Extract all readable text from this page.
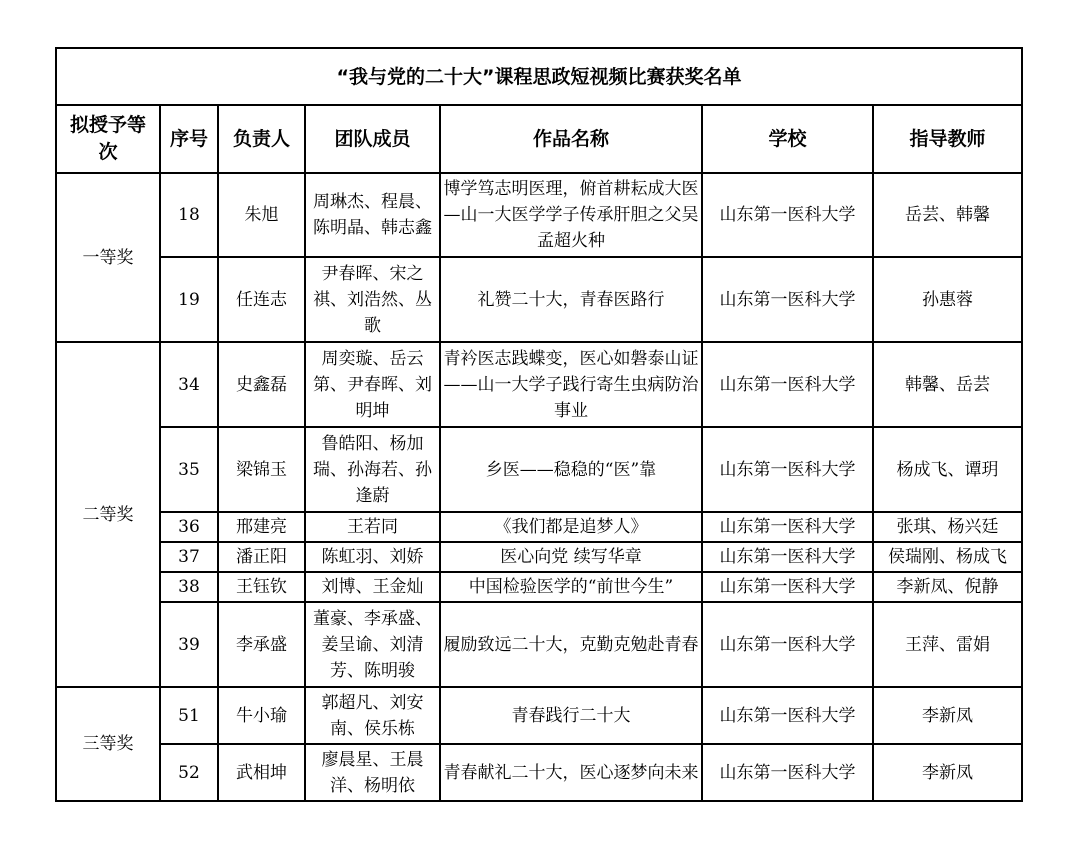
“我与党的二十大”课程思政短视频比赛获奖名单						
拟授予等次	序号	负责人	团队成员	作品名称	学校	指导教师
一等奖	18	朱旭	周琳杰、程晨、陈明晶、韩志鑫	博学笃志明医理，俯首耕耘成大医—山一大医学学子传承肝胆之父吴孟超火种	山东第一医科大学	岳芸、韩馨
	19	任连志	尹春晖、宋之祺、刘浩然、丛歌	礼赞二十大，青春医路行	山东第一医科大学	孙惠蓉
二等奖	34	史鑫磊	周奕璇、岳云第、尹春晖、刘明坤	青衿医志践蝶变，医心如磐泰山证——山一大学子践行寄生虫病防治事业	山东第一医科大学	韩馨、岳芸
	35	梁锦玉	鲁皓阳、杨加瑞、孙海若、孙逢蔚	乡医——稳稳的“医”靠	山东第一医科大学	杨成飞、谭玥
	36	邢建亮	王若同	《我们都是追梦人》	山东第一医科大学	张琪、杨兴廷
	37	潘正阳	陈虹羽、刘娇	医心向党 续写华章	山东第一医科大学	侯瑞刚、杨成飞
	38	王钰钦	刘博、王金灿	中国检验医学的“前世今生”	山东第一医科大学	李新凤、倪静
	39	李承盛	董豪、李承盛、姜呈谕、刘清芳、陈明骏	履励致远二十大，克勤克勉赴青春	山东第一医科大学	王萍、雷娟
三等奖	51	牛小瑜	郭超凡、刘安南、侯乐栋	青春践行二十大	山东第一医科大学	李新凤
	52	武相坤	廖晨星、王晨洋、杨明依	青春献礼二十大，医心逐梦向未来	山东第一医科大学	李新凤
